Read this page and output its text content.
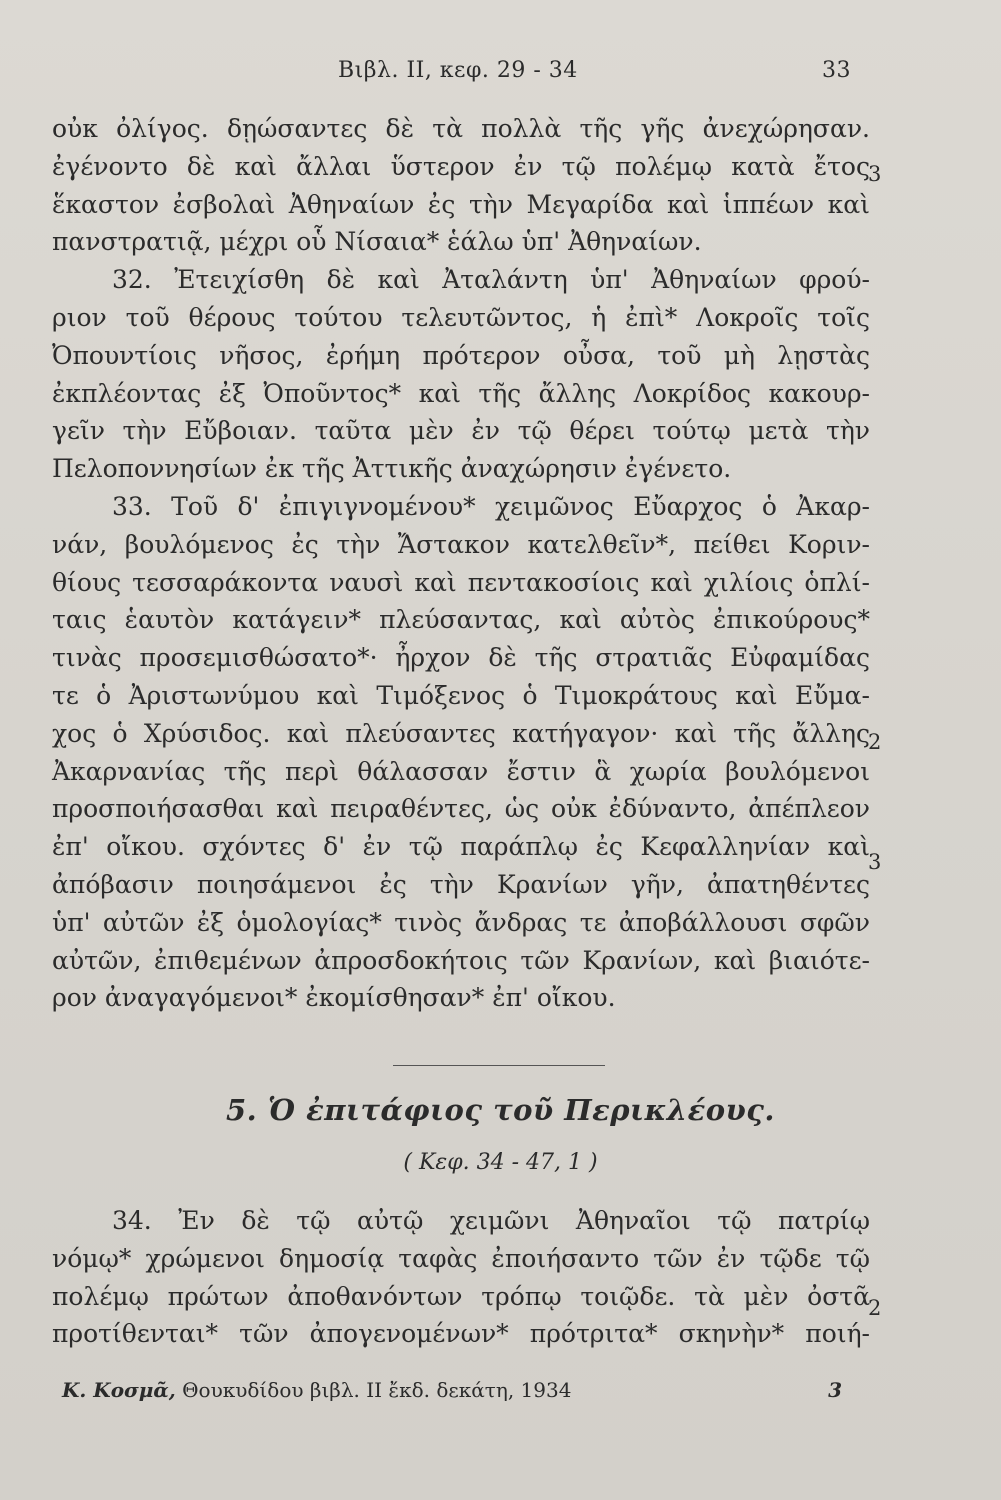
Βιβλ. II, κεφ. 29 - 34	33
οὐκ ὀλίγος. δῃώσαντες δὲ τὰ πολλὰ τῆς γῆς ἀνεχώρησαν.
ἐγένοντο δὲ καὶ ἄλλαι ὕστερον ἐν τῷ πολέμῳ κατὰ ἔτος
ἕκαστον ἐσβολαὶ Ἀθηναίων ἐς τὴν Μεγαρίδα καὶ ἱππέων καὶ
πανστρατιᾷ, μέχρι οὗ Νίσαια* ἑάλω ὑπ' Ἀθηναίων.
32. Ἐτειχίσθη δὲ καὶ Ἀταλάντη ὑπ' Ἀθηναίων φρού-
ριον τοῦ θέρους τούτου τελευτῶντος, ἡ ἐπὶ* Λοκροῖς τοῖς
Ὀπουντίοις νῆσος, ἐρήμη πρότερον οὖσα, τοῦ μὴ λῃστὰς
ἐκπλέοντας ἐξ Ὀποῦντος* καὶ τῆς ἄλλης Λοκρίδος κακουρ-
γεῖν τὴν Εὔβοιαν. ταῦτα μὲν ἐν τῷ θέρει τούτῳ μετὰ τὴν
Πελοποννησίων ἐκ τῆς Ἀττικῆς ἀναχώρησιν ἐγένετο.
33. Τοῦ δ' ἐπιγιγνομένου* χειμῶνος Εὔαρχος ὁ Ἀκαρ-
νάν, βουλόμενος ἐς τὴν Ἄστακον κατελθεῖν*, πείθει Κοριν-
θίους τεσσαράκοντα ναυσὶ καὶ πεντακοσίοις καὶ χιλίοις ὁπλί-
ταις ἑαυτὸν κατάγειν* πλεύσαντας, καὶ αὐτὸς ἐπικούρους*
τινὰς προσεμισθώσατο*· ἦρχον δὲ τῆς στρατιᾶς Εὐφαμίδας
τε ὁ Ἀριστωνύμου καὶ Τιμόξενος ὁ Τιμοκράτους καὶ Εὔμα-
χος ὁ Χρύσιδος. καὶ πλεύσαντες κατήγαγον· καὶ τῆς ἄλλης
Ἀκαρνανίας τῆς περὶ θάλασσαν ἔστιν ἃ χωρία βουλόμενοι
προσποιήσασθαι καὶ πειραθέντες, ὡς οὐκ ἐδύναντο, ἀπέπλεον
ἐπ' οἴκου. σχόντες δ' ἐν τῷ παράπλῳ ἐς Κεφαλληνίαν καὶ
ἀπόβασιν ποιησάμενοι ἐς τὴν Κρανίων γῆν, ἀπατηθέντες
ὑπ' αὐτῶν ἐξ ὁμολογίας* τινὸς ἄνδρας τε ἀποβάλλουσι σφῶν
αὐτῶν, ἐπιθεμένων ἀπροσδοκήτοις τῶν Κρανίων, καὶ βιαιότε-
ρον ἀναγαγόμενοι* ἐκομίσθησαν* ἐπ' οἴκου.
3
2
3
2
5. Ὁ ἐπιτάφιος τοῦ Περικλέους.
( Κεφ. 34 - 47, 1 )
34. Ἐν δὲ τῷ αὐτῷ χειμῶνι Ἀθηναῖοι τῷ πατρίῳ
νόμῳ* χρώμενοι δημοσίᾳ ταφὰς ἐποιήσαντο τῶν ἐν τῷδε τῷ
πολέμῳ πρώτων ἀποθανόντων τρόπῳ τοιῷδε. τὰ μὲν ὀστᾶ
προτίθενται* τῶν ἀπογενομένων* πρότριτα* σκηνὴν* ποιή-
Κ. Κοσμᾶ, Θουκυδίδου βιβλ. II ἔκδ. δεκάτη, 1934	3
